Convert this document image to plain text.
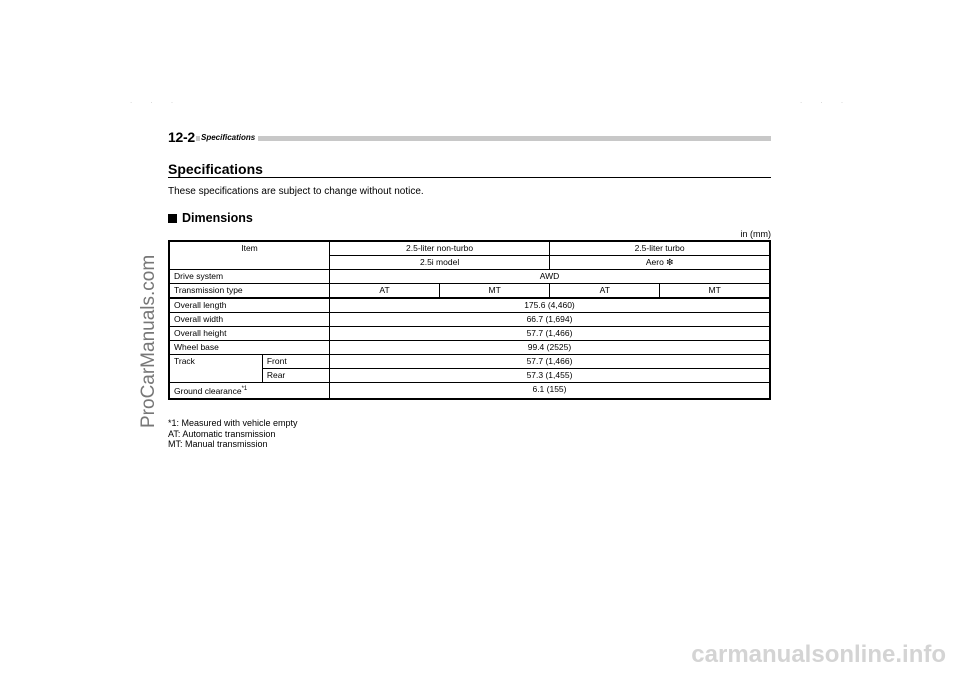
. . .	. . .
12-2 Specifications
Specifications
These specifications are subject to change without notice.
Dimensions
in (mm)
Item		2.5-liter non-turbo		2.5-liter turbo	
		2.5i model		Aero ❇	
Drive system		AWD			
Transmission type		AT	MT	AT	MT
Overall length		175.6 (4,460)			
Overall width		66.7 (1,694)			
Overall height		57.7 (1,466)			
Wheel base		99.4 (2525)			
Track	Front	57.7 (1,466)			
	Rear	57.3 (1,455)			
Ground clearance$^{*1}$		6.1 (155)			
*1: Measured with vehicle empty
AT: Automatic transmission
MT: Manual transmission
ProCarManuals.com
carmanualsonline.info
